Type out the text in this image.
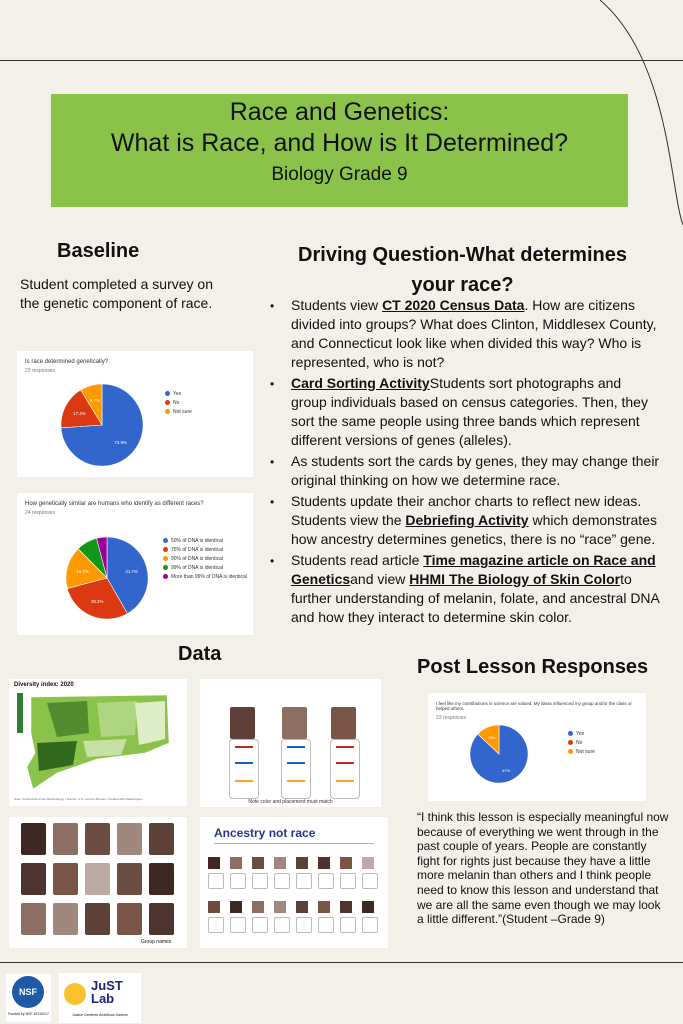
Race and Genetics:
What is Race, and How is It Determined?
Biology Grade 9
Baseline
Student completed a survey on the genetic component of race.
Is race determined genetically?
23 responses
73.9%
17.4%
8.7%
Yes
No
Not sure
How genetically similar are humans who identify as different races?
24 responses
41.7%
29.2%
16.7%
50% of DNA is identical
75% of DNA is identical
90% of DNA is identical
99% of DNA is identical
More than 99% of DNA is identical
Driving Question-What determines
your race?
• Students view CT 2020 Census Data. How are citizens divided into groups? What does Clinton, Middlesex County, and Connecticut look like when divided this way? Who is represented, who is not?
• Card Sorting ActivityStudents sort photographs and group individuals based on census categories. Then, they sort the same people using three bands which represent different versions of genes (alleles).
• As students sort the cards by genes, they may change their original thinking on how we determine race.
• Students update their anchor charts to reflect new ideas. Students view the Debriefing Activity which demonstrates how ancestry determines genetics, there is no “race” gene.
• Students read article Time magazine article on Race and Geneticsand view HHMI The Biology of Skin Colorto further understanding of melanin, folate, and ancestral DNA and how they interact to determine skin color.
Data
Diversity index: 2020
Note: Connecticut Index Methodology • Source: U.S. Census Bureau • Created with Datawrapper	Note color and placement must match
Group names
Ancestry not race
Post Lesson Responses
I feel like my contributions in science are valued. My ideas influenced my group and/or the class or helped others.
23 responses
87%
13%
Yes
No
Not sure
“I think this lesson is especially meaningful now because of everything we went through in the past couple of years. People are constantly fight for rights just because they have a little more melanin than others and I think people need to know this lesson and understand that we are all the same even though we may look a little different.”(Student –Grade 9)
NSF
Funded by NSF #2110217
JuST
Lab
Justice Centered Ambitious Science
